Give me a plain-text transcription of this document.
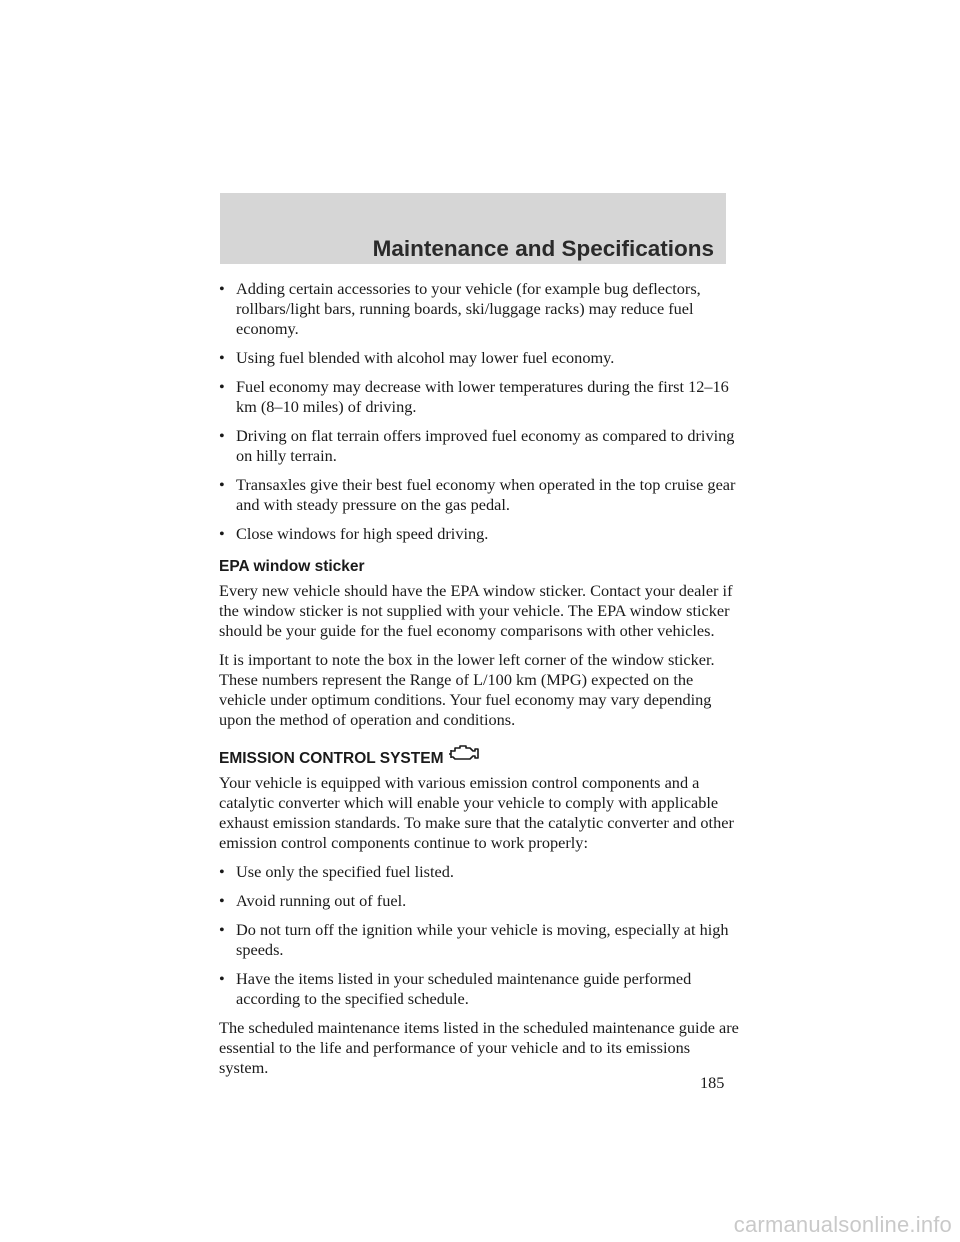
Maintenance and Specifications
• Adding certain accessories to your vehicle (for example bug deflectors, rollbars/light bars, running boards, ski/luggage racks) may reduce fuel economy.
• Using fuel blended with alcohol may lower fuel economy.
• Fuel economy may decrease with lower temperatures during the first 12–16 km (8–10 miles) of driving.
• Driving on flat terrain offers improved fuel economy as compared to driving on hilly terrain.
• Transaxles give their best fuel economy when operated in the top cruise gear and with steady pressure on the gas pedal.
• Close windows for high speed driving.
EPA window sticker

Every new vehicle should have the EPA window sticker. Contact your dealer if the window sticker is not supplied with your vehicle. The EPA window sticker should be your guide for the fuel economy comparisons with other vehicles.

It is important to note the box in the lower left corner of the window sticker. These numbers represent the Range of L/100 km (MPG) expected on the vehicle under optimum conditions. Your fuel economy may vary depending upon the method of operation and conditions.

EMISSION CONTROL SYSTEM

Your vehicle is equipped with various emission control components and a catalytic converter which will enable your vehicle to comply with applicable exhaust emission standards. To make sure that the catalytic converter and other emission control components continue to work properly:

• Use only the specified fuel listed.
• Avoid running out of fuel.
• Do not turn off the ignition while your vehicle is moving, especially at high speeds.
• Have the items listed in your scheduled maintenance guide performed according to the specified schedule.

The scheduled maintenance items listed in the scheduled maintenance guide are essential to the life and performance of your vehicle and to its emissions system.

185
carmanualsonline.info
